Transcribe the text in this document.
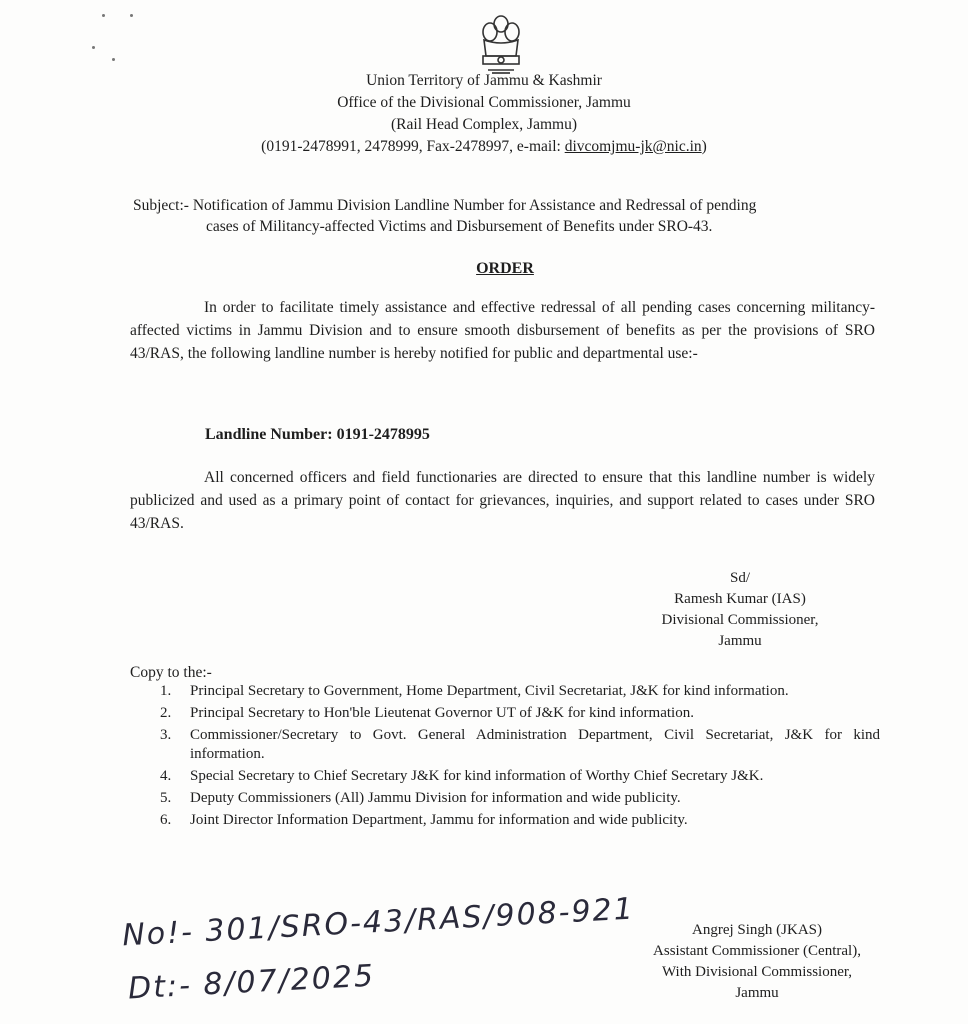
Union Territory of Jammu & Kashmir
Office of the Divisional Commissioner, Jammu
(Rail Head Complex, Jammu)
(0191-2478991, 2478999, Fax-2478997, e-mail: divcomjmu-jk@nic.in)
Subject:- Notification of Jammu Division Landline Number for Assistance and Redressal of pending
cases of Militancy-affected Victims and Disbursement of Benefits under SRO-43.
ORDER
In order to facilitate timely assistance and effective redressal of all pending cases concerning militancy-affected victims in Jammu Division and to ensure smooth disbursement of benefits as per the provisions of SRO 43/RAS, the following landline number is hereby notified for public and departmental use:-
Landline Number: 0191-2478995
All concerned officers and field functionaries are directed to ensure that this landline number is widely publicized and used as a primary point of contact for grievances, inquiries, and support related to cases under SRO 43/RAS.
Sd/
Ramesh Kumar (IAS)
Divisional Commissioner,
Jammu
Copy to the:-
1.	Principal Secretary to Government, Home Department, Civil Secretariat, J&K for kind information.
2.	Principal Secretary to Hon'ble Lieutenat Governor UT of J&K for kind information.
3.	Commissioner/Secretary to Govt. General Administration Department, Civil Secretariat, J&K for kind information.
4.	Special Secretary to Chief Secretary J&K for kind information of Worthy Chief Secretary J&K.
5.	Deputy Commissioners (All) Jammu Division for information and wide publicity.
6.	Joint Director Information Department, Jammu for information and wide publicity.
No!- 301/SRO-43/RAS/908-921
Dt:- 8/07/2025
Angrej Singh (JKAS)
Assistant Commissioner (Central),
With Divisional Commissioner,
Jammu
